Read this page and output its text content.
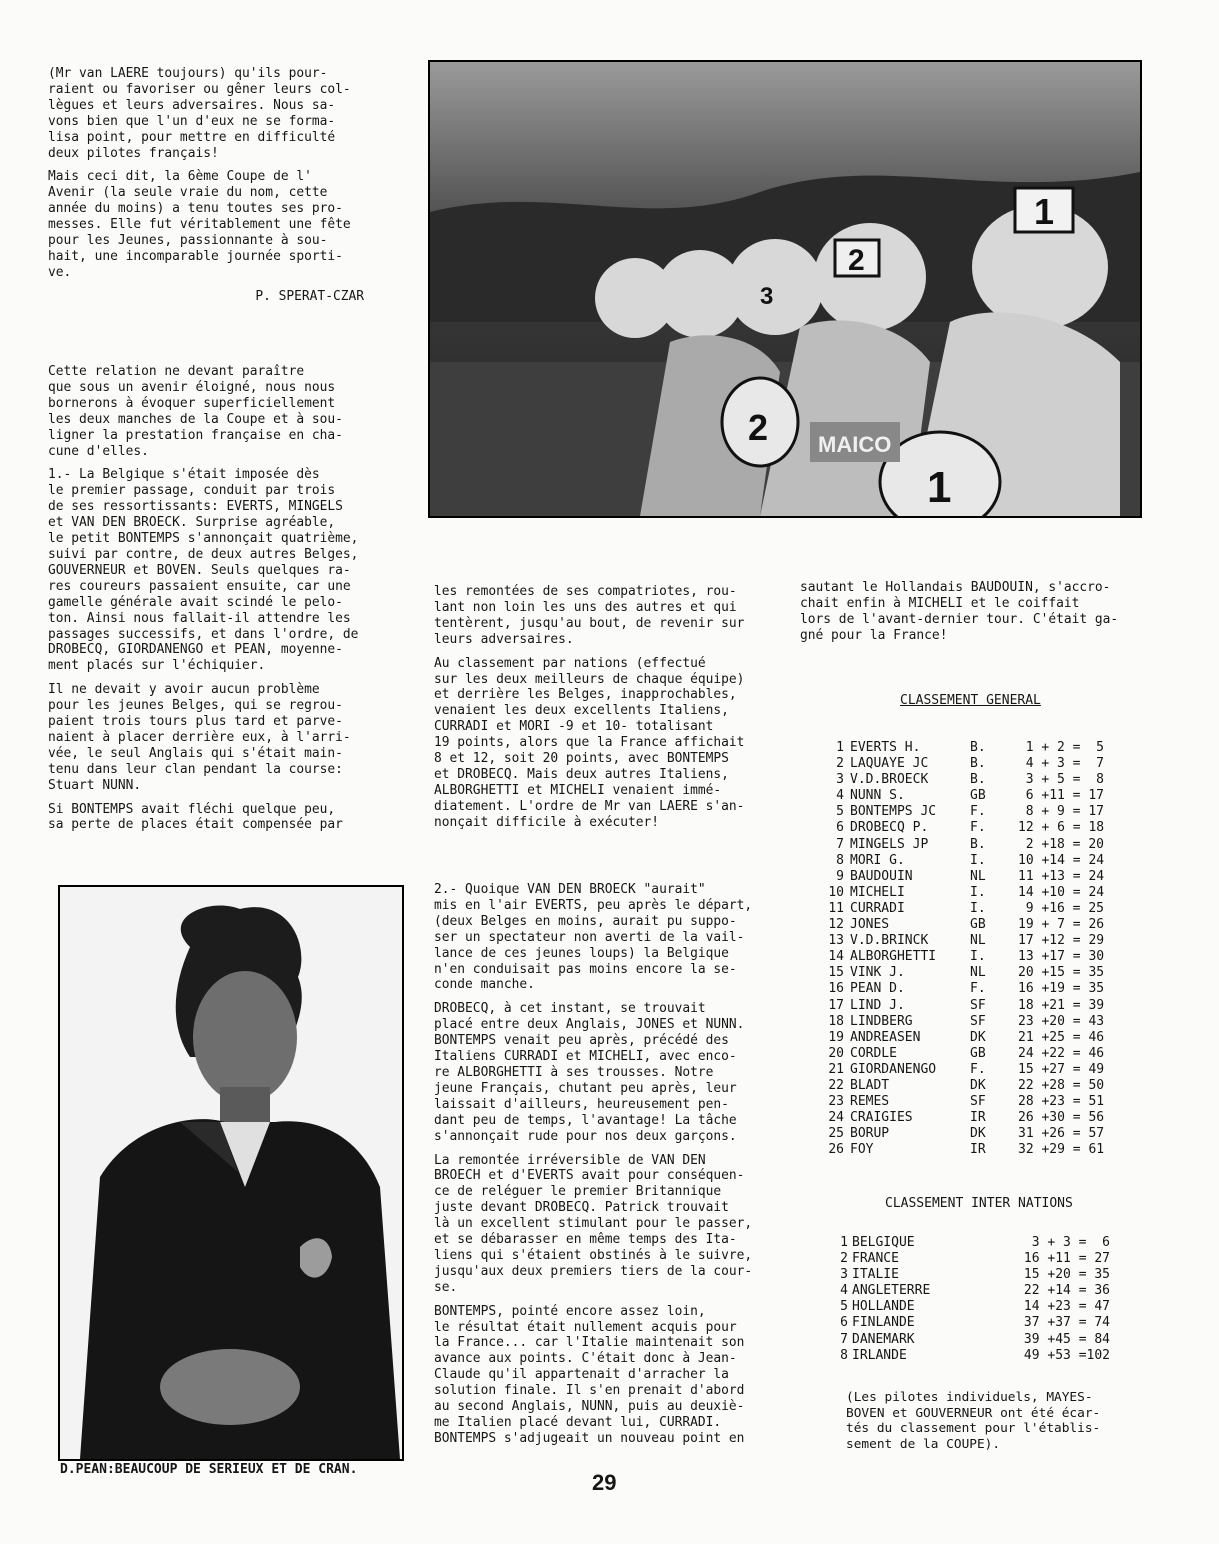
(Mr van LAERE toujours) qu'ils pour-
raient ou favoriser ou gêner leurs col-
lègues et leurs adversaires. Nous sa-
vons bien que l'un d'eux ne se forma-
lisa point, pour mettre en difficulté
deux pilotes français!

Mais ceci dit, la 6ème Coupe de l'
Avenir (la seule vraie du nom, cette
année du moins) a tenu toutes ses pro-
messes. Elle fut véritablement une fête
pour les Jeunes, passionnante à sou-
hait, une incomparable journée sporti-
ve.

P. SPERAT-CZAR

1
2
3
1
2 MAICO

Cette relation ne devant paraître
que sous un avenir éloigné, nous nous
bornerons à évoquer superficiellement
les deux manches de la Coupe et à sou-
ligner la prestation française en cha-
cune d'elles.

1.- La Belgique s'était imposée dès
le premier passage, conduit par trois
de ses ressortissants: EVERTS, MINGELS
et VAN DEN BROECK. Surprise agréable,
le petit BONTEMPS s'annonçait quatrième,
suivi par contre, de deux autres Belges,
GOUVERNEUR et BOVEN. Seuls quelques ra-
res coureurs passaient ensuite, car une
gamelle générale avait scindé le pelo-
ton. Ainsi nous fallait-il attendre les
passages successifs, et dans l'ordre, de
DROBECQ, GIORDANENGO et PEAN, moyenne-
ment placés sur l'échiquier.

Il ne devait y avoir aucun problème
pour les jeunes Belges, qui se regrou-
paient trois tours plus tard et parve-
naient à placer derrière eux, à l'arri-
vée, le seul Anglais qui s'était main-
tenu dans leur clan pendant la course:
Stuart NUNN.

Si BONTEMPS avait fléchi quelque peu,
sa perte de places était compensée par

les remontées de ses compatriotes, rou-
lant non loin les uns des autres et qui
tentèrent, jusqu'au bout, de revenir sur
leurs adversaires.

Au classement par nations (effectué
sur les deux meilleurs de chaque équipe)
et derrière les Belges, inapprochables,
venaient les deux excellents Italiens,
CURRADI et MORI -9 et 10- totalisant
19 points, alors que la France affichait
8 et 12, soit 20 points, avec BONTEMPS
et DROBECQ. Mais deux autres Italiens,
ALBORGHETTI et MICHELI venaient immé-
diatement. L'ordre de Mr van LAERE s'an-
nonçait difficile à exécuter!

sautant le Hollandais BAUDOUIN, s'accro-
chait enfin à MICHELI et le coiffait
lors de l'avant-dernier tour. C'était ga-
gné pour la France!

D.PEAN:BEAUCOUP DE SERIEUX ET DE CRAN.

2.- Quoique VAN DEN BROECK "aurait"
mis en l'air EVERTS, peu après le départ,
(deux Belges en moins, aurait pu suppo-
ser un spectateur non averti de la vail-
lance de ces jeunes loups) la Belgique
n'en conduisait pas moins encore la se-
conde manche.

DROBECQ, à cet instant, se trouvait
placé entre deux Anglais, JONES et NUNN.
BONTEMPS venait peu après, précédé des
Italiens CURRADI et MICHELI, avec enco-
re ALBORGHETTI à ses trousses. Notre
jeune Français, chutant peu après, leur
laissait d'ailleurs, heureusement pen-
dant peu de temps, l'avantage! La tâche
s'annonçait rude pour nos deux garçons.

La remontée irréversible de VAN DEN
BROECH et d'EVERTS avait pour conséquen-
ce de reléguer le premier Britannique
juste devant DROBECQ. Patrick trouvait
là un excellent stimulant pour le passer,
et se débarasser en même temps des Ita-
liens qui s'étaient obstinés à le suivre,
jusqu'aux deux premiers tiers de la cour-
se.

BONTEMPS, pointé encore assez loin,
le résultat était nullement acquis pour
la France... car l'Italie maintenait son
avance aux points. C'était donc à Jean-
Claude qu'il appartenait d'arracher la
solution finale. Il s'en prenait d'abord
au second Anglais, NUNN, puis au deuxiè-
me Italien placé devant lui, CURRADI.
BONTEMPS s'adjugeait un nouveau point en

CLASSEMENT GENERAL
1 EVERTS H.	B.	1 + 2 =  5
2 LAQUAYE JC	B.	4 + 3 =  7
3 V.D.BROECK	B.	3 + 5 =  8
4 NUNN S.	GB	6 +11 = 17
5 BONTEMPS JC	F.	8 + 9 = 17
6 DROBECQ P.	F.	12 + 6 = 18
7 MINGELS JP	B.	2 +18 = 20
8 MORI G.	I.	10 +14 = 24
9 BAUDOUIN	NL	11 +13 = 24
10 MICHELI	I.	14 +10 = 24
11 CURRADI	I.	9 +16 = 25
12 JONES	GB	19 + 7 = 26
13 V.D.BRINCK	NL	17 +12 = 29
14 ALBORGHETTI	I.	13 +17 = 30
15 VINK J.	NL	20 +15 = 35
16 PEAN D.	F.	16 +19 = 35
17 LIND J.	SF	18 +21 = 39
18 LINDBERG	SF	23 +20 = 43
19 ANDREASEN	DK	21 +25 = 46
20 CORDLE	GB	24 +22 = 46
21 GIORDANENGO	F.	15 +27 = 49
22 BLADT	DK	22 +28 = 50
23 REMES	SF	28 +23 = 51
24 CRAIGIES	IR	26 +30 = 56
25 BORUP	DK	31 +26 = 57
26 FOY	IR	32 +29 = 61
CLASSEMENT INTER NATIONS
1 BELGIQUE	3 + 3 =  6
2 FRANCE	16 +11 = 27
3 ITALIE	15 +20 = 35
4 ANGLETERRE	22 +14 = 36
5 HOLLANDE	14 +23 = 47
6 FINLANDE	37 +37 = 74
7 DANEMARK	39 +45 = 84
8 IRLANDE	49 +53 =102
(Les pilotes individuels, MAYES-
BOVEN et GOUVERNEUR ont été écar-
tés du classement pour l'établis-
sement de la COUPE).
29
